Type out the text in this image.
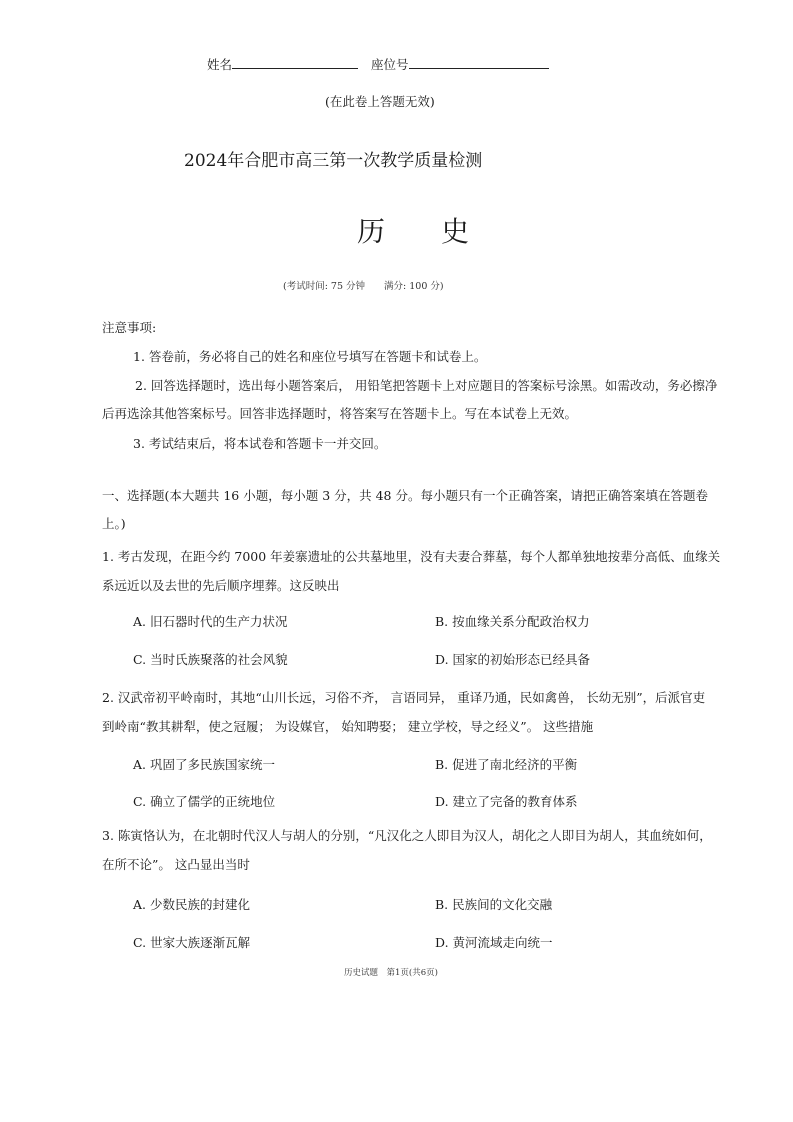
姓名	座位号
(在此卷上答题无效)
2024年合肥市高三第一次教学质量检测
历　　史
(考试时间: 75 分钟　　满分: 100 分)
注意事项:
1. 答卷前，务必将自己的姓名和座位号填写在答题卡和试卷上。
2. 回答选择题时，选出每小题答案后， 用铅笔把答题卡上对应题目的答案标号涂黑。如需改动，务必擦净
后再选涂其他答案标号。回答非选择题时，将答案写在答题卡上。写在本试卷上无效。
3. 考试结束后，将本试卷和答题卡一并交回。
一、选择题(本大题共 16 小题，每小题 3 分，共 48 分。每小题只有一个正确答案，请把正确答案填在答题卷
上。)
1. 考古发现，在距今约 7000 年姜寨遗址的公共墓地里，没有夫妻合葬墓，每个人都单独地按辈分高低、血缘关
系远近以及去世的先后顺序埋葬。这反映出
A. 旧石器时代的生产力状况	B. 按血缘关系分配政治权力
C. 当时氏族聚落的社会风貌	D. 国家的初始形态已经具备
2. 汉武帝初平岭南时，其地“山川长远，习俗不齐， 言语同异， 重译乃通，民如禽兽， 长幼无别”，后派官吏
到岭南“教其耕犁，使之冠履； 为设媒官， 始知聘娶； 建立学校，导之经义”。 这些措施
A. 巩固了多民族国家统一	B. 促进了南北经济的平衡
C. 确立了儒学的正统地位	D. 建立了完备的教育体系
3. 陈寅恪认为，在北朝时代汉人与胡人的分别，“凡汉化之人即目为汉人，胡化之人即目为胡人，其血统如何，
在所不论”。 这凸显出当时
A. 少数民族的封建化	B. 民族间的文化交融
C. 世家大族逐渐瓦解	D. 黄河流域走向统一
历史试题　第1页(共6页)
